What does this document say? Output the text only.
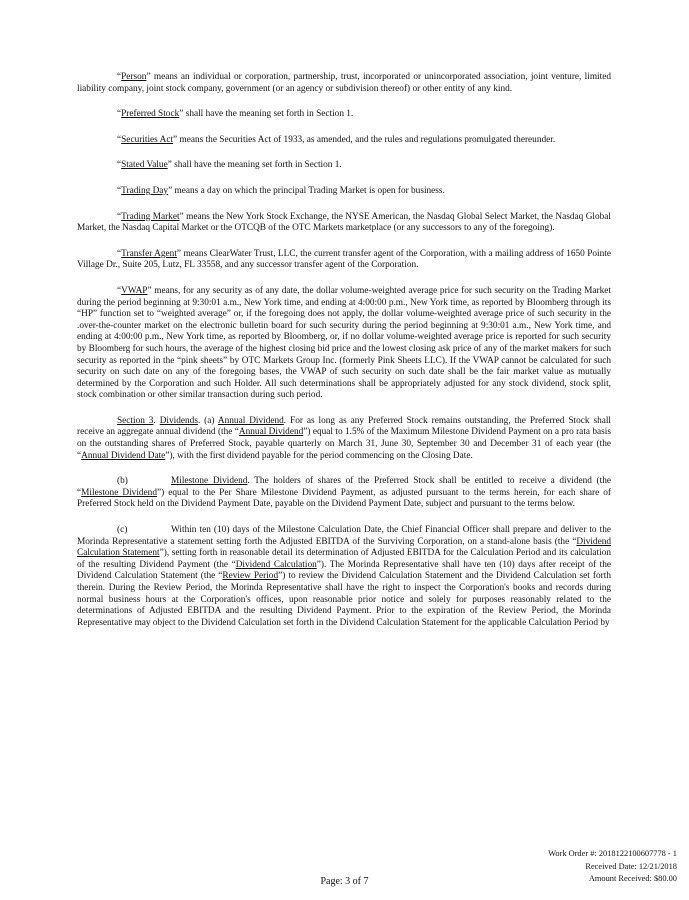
“Person” means an individual or corporation, partnership, trust, incorporated or unincorporated association, joint venture, limited liability company, joint stock company, government (or an agency or subdivision thereof) or other entity of any kind.

“Preferred Stock” shall have the meaning set forth in Section 1.

“Securities Act” means the Securities Act of 1933, as amended, and the rules and regulations promulgated thereunder.

“Stated Value” shall have the meaning set forth in Section 1.

“Trading Day” means a day on which the principal Trading Market is open for business.

“Trading Market” means the New York Stock Exchange, the NYSE American, the Nasdaq Global Select Market, the Nasdaq Global Market, the Nasdaq Capital Market or the OTCQB of the OTC Markets marketplace (or any successors to any of the foregoing).

“Transfer Agent” means ClearWater Trust, LLC, the current transfer agent of the Corporation, with a mailing address of 1650 Pointe Village Dr., Suite 205, Lutz, FL 33558, and any successor transfer agent of the Corporation.

“VWAP” means, for any security as of any date, the dollar volume-weighted average price for such security on the Trading Market during the period beginning at 9:30:01 a.m., New York time, and ending at 4:00:00 p.m., New York time, as reported by Bloomberg through its “HP” function set to “weighted average” or, if the foregoing does not apply, the dollar volume-weighted average price of such security in the .over-the-counter market on the electronic bulletin board for such security during the period beginning at 9:30:01 a.m., New York time, and ending at 4:00:00 p.m., New York time, as reported by Bloomberg, or, if no dollar volume-weighted average price is reported for such security by Bloomberg for such hours, the average of the highest closing bid price and the lowest closing ask price of any of the market makers for such security as reported in the “pink sheets” by OTC Markets Group Inc. (formerly Pink Sheets LLC). If the VWAP cannot be calculated for such security on such date on any of the foregoing bases, the VWAP of such security on such date shall be the fair market value as mutually determined by the Corporation and such Holder. All such determinations shall be appropriately adjusted for any stock dividend, stock split, stock combination or other similar transaction during such period.

Section 3. Dividends. (a) Annual Dividend. For as long as any Preferred Stock remains outstanding, the Preferred Stock shall receive an aggregate annual dividend (the “Annual Dividend”) equal to 1.5% of the Maximum Milestone Dividend Payment on a pro rata basis on the outstanding shares of Preferred Stock, payable quarterly on March 31, June 30, September 30 and December 31 of each year (the “Annual Dividend Date”), with the first dividend payable for the period commencing on the Closing Date.

(b)	Milestone Dividend. The holders of shares of the Preferred Stock shall be entitled to receive a dividend (the “Milestone Dividend”) equal to the Per Share Milestone Dividend Payment, as adjusted pursuant to the terms herein, for each share of Preferred Stock held on the Dividend Payment Date, payable on the Dividend Payment Date, subject and pursuant to the terms below.

(c)	Within ten (10) days of the Milestone Calculation Date, the Chief Financial Officer shall prepare and deliver to the Morinda Representative a statement setting forth the Adjusted EBITDA of the Surviving Corporation, on a stand-alone basis (the “Dividend Calculation Statement”), setting forth in reasonable detail its determination of Adjusted EBITDA for the Calculation Period and its calculation of the resulting Dividend Payment (the “Dividend Calculation”). The Morinda Representative shall have ten (10) days after receipt of the Dividend Calculation Statement (the “Review Period”) to review the Dividend Calculation Statement and the Dividend Calculation set forth therein. During the Review Period, the Morinda Representative shall have the right to inspect the Corporation's books and records during normal business hours at the Corporation's offices, upon reasonable prior notice and solely for purposes reasonably related to the determinations of Adjusted EBITDA and the resulting Dividend Payment. Prior to the expiration of the Review Period, the Morinda Representative may object to the Dividend Calculation set forth in the Dividend Calculation Statement for the applicable Calculation Period by

Page: 3 of 7
Work Order #: 2018122100607778 - 1
Received Date: 12/21/2018
Amount Received: $80.00
